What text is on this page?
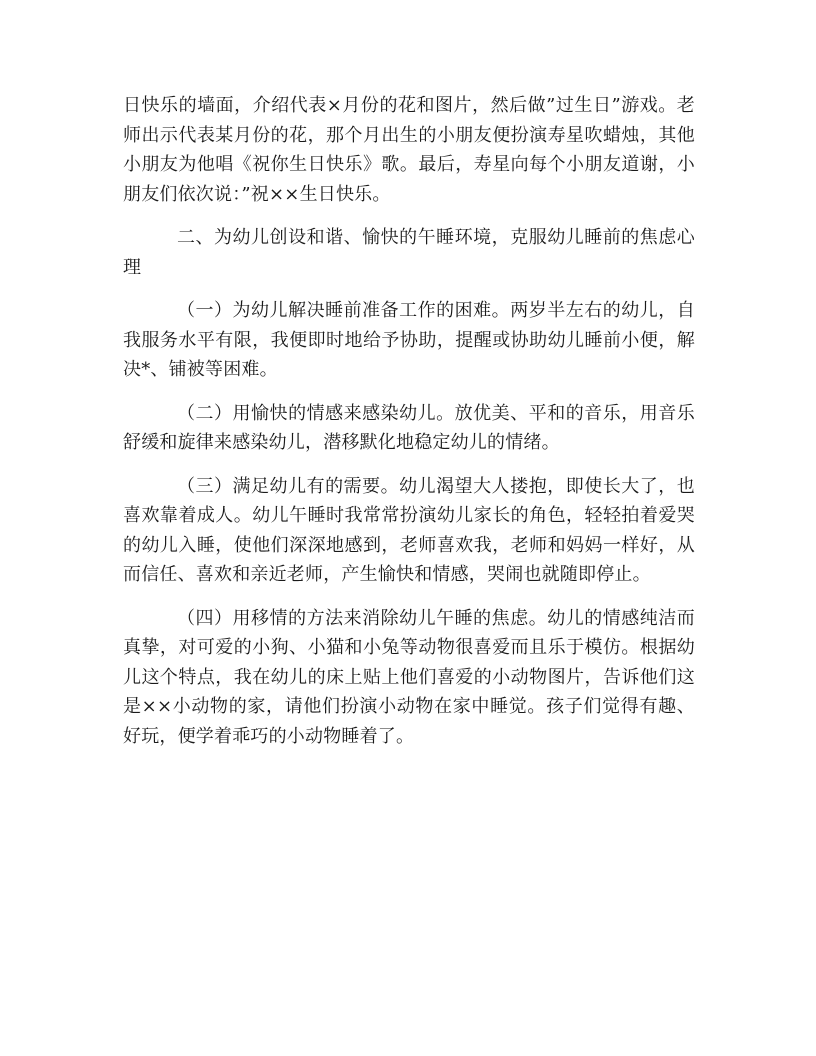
日快乐的墙面，介绍代表×月份的花和图片，然后做”过生日”游戏。老师出示代表某月份的花，那个月出生的小朋友便扮演寿星吹蜡烛，其他小朋友为他唱《祝你生日快乐》歌。最后，寿星向每个小朋友道谢，小朋友们依次说：”祝××生日快乐。

二、为幼儿创设和谐、愉快的午睡环境，克服幼儿睡前的焦虑心理

（一）为幼儿解决睡前准备工作的困难。两岁半左右的幼儿，自我服务水平有限，我便即时地给予协助，提醒或协助幼儿睡前小便，解决*、铺被等困难。

（二）用愉快的情感来感染幼儿。放优美、平和的音乐，用音乐舒缓和旋律来感染幼儿，潜移默化地稳定幼儿的情绪。

（三）满足幼儿有的需要。幼儿渴望大人搂抱，即使长大了，也喜欢靠着成人。幼儿午睡时我常常扮演幼儿家长的角色，轻轻拍着爱哭的幼儿入睡，使他们深深地感到，老师喜欢我，老师和妈妈一样好，从而信任、喜欢和亲近老师，产生愉快和情感，哭闹也就随即停止。

（四）用移情的方法来消除幼儿午睡的焦虑。幼儿的情感纯洁而真挚，对可爱的小狗、小猫和小兔等动物很喜爱而且乐于模仿。根据幼儿这个特点，我在幼儿的床上贴上他们喜爱的小动物图片，告诉他们这是××小动物的家，请他们扮演小动物在家中睡觉。孩子们觉得有趣、好玩，便学着乖巧的小动物睡着了。
